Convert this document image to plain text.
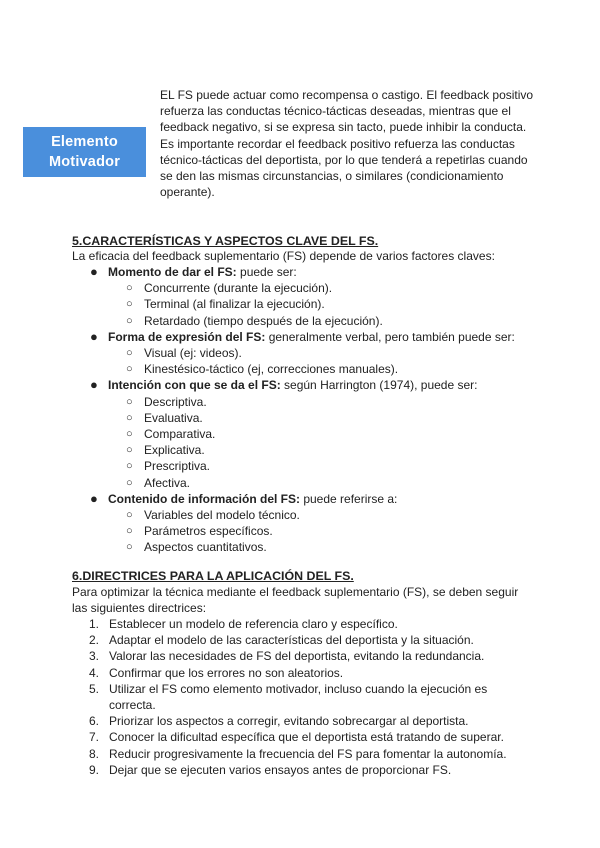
Elemento
Motivador

EL FS puede actuar como recompensa o castigo. El feedback positivo refuerza las conductas técnico-tácticas deseadas, mientras que el feedback negativo, si se expresa sin tacto, puede inhibir la conducta. Es importante recordar el feedback positivo refuerza las conductas técnico-tácticas del deportista, por lo que tenderá a repetirlas cuando se den las mismas circunstancias, o similares (condicionamiento operante).

5.CARACTERÍSTICAS Y ASPECTOS CLAVE DEL FS.

La eficacia del feedback suplementario (FS) depende de varios factores claves:

● Momento de dar el FS: puede ser:
○ Concurrente (durante la ejecución).
○ Terminal (al finalizar la ejecución).
○ Retardado (tiempo después de la ejecución).
● Forma de expresión del FS: generalmente verbal, pero también puede ser:
○ Visual (ej: videos).
○ Kinestésico-táctico (ej, correcciones manuales).
● Intención con que se da el FS: según Harrington (1974), puede ser:
○ Descriptiva.
○ Evaluativa.
○ Comparativa.
○ Explicativa.
○ Prescriptiva.
○ Afectiva.
● Contenido de información del FS: puede referirse a:
○ Variables del modelo técnico.
○ Parámetros específicos.
○ Aspectos cuantitativos.
6.DIRECTRICES PARA LA APLICACIÓN DEL FS.

Para optimizar la técnica mediante el feedback suplementario (FS), se deben seguir las siguientes directrices:

1. Establecer un modelo de referencia claro y específico.
2. Adaptar el modelo de las características del deportista y la situación.
3. Valorar las necesidades de FS del deportista, evitando la redundancia.
4. Confirmar que los errores no son aleatorios.
5. Utilizar el FS como elemento motivador, incluso cuando la ejecución es correcta.
6. Priorizar los aspectos a corregir, evitando sobrecargar al deportista.
7. Conocer la dificultad específica que el deportista está tratando de superar.
8. Reducir progresivamente la frecuencia del FS para fomentar la autonomía.
9. Dejar que se ejecuten varios ensayos antes de proporcionar FS.
